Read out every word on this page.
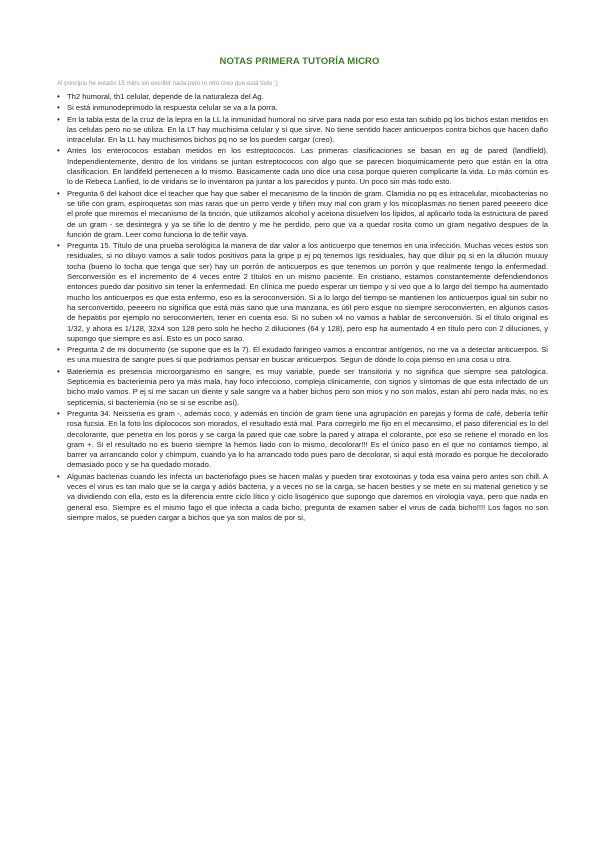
NOTAS PRIMERA TUTORÍA MICRO
Al principio he estado 15 mins sin escribir nada pero lo otro creo que está todo :)

• Th2 humoral, th1 celular, depende de la naturaleza del Ag.

• Si está inmunodeprimodo la respuesta celular se va a la porra.

• En la tabla esta de la cruz de la lepra en la LL la inmunidad humoral no sirve para nada por eso esta tan subido pq los bichos estan metidos en las celulas pero no se utiliza. En la LT hay muchisima celular y sí que sirve. No tiene sentido hacer anticuerpos contra bichos que hacen daño intracelular. En la LL hay muchisimos bichos pq no se los pueden cargar (creo).

• Antes los enterococos estaban metidos en los estreptococos. Las primeras clasificaciones se basan en ag de pared (landfield). Independientemente, dentro de los viridans se juntan estreptococos con algo que se parecen bioquimicamente pero que están en la otra clasificacion. En landifeld pertenecen a lo mismo. Basicamente cada uno dice una cosa porque quieren complicarte la vida. Lo más común es lo de Rebeca Lanfied, lo de viridans se lo inventaron pa juntar a los parecidos y punto. Un poco sin más todo esto.

• Pregunta 6 del kahoot dice el teacher que hay que saber el mecanismo de la tinción de gram. Clamidia no pq es intracelular, micobacterias no se tiñe con gram, espiroquetas son mas raras que un perro verde y tiñen muy mal con gram y los micoplasmas no tienen pared peeeero dice el profe que miremos el mecanismo de la tinción, que utilizamos alcohol y acetona disuelven los lípidos, al aplicarlo toda la estructura de pared de un gram - se desintegra y ya se tiñe lo de dentro y me he perdido, pero que va a quedar rosita como un gram negativo despues de la función de gram. Leer como funciona lo de teñir vaya.

• Pregunta 15. Título de una prueba serológica la manera de dar valor a los anticuerpo que tenemos en una infección. Muchas veces estos son residuales, si no diluyo vamos a salir todos positivos para la gripe p ej pq tenemos Igs residuales, hay que diluir pq si en la dilución muuuy tocha (bueno lo tocha que tenga que ser) hay un porrón de anticuerpos es que tenemos un porrón y que realmente tengo la enfermedad. Serconversión es el incremento de 4 veces entre 2 títulos en un mismo paciente. En cristiano, estamos constantemente defendiendonos entonces puedo dar positivo sin tener la enfermedad. En clínica me puedo esperar un tiempo y si veo que a lo largo del tiempo ha aumentado mucho los anticuerpos es que esta enfermo, eso es la seroconversión. Si a lo largo del tiempo se mantienen los anticuerpos igual sin subir no ha serconvertido, peeeero no significa que está más sano que una manzana, es útil pero esque no siempre seroconvierten, en algunos casos de hepatitis por ejemplo no seroconvierten, tener en cuenta eso. Si no suben x4 no vamos a hablar de serconversión. Si el título original es 1/32, y ahora es 1/128, 32x4 son 128 pero solo he hecho 2 diluciones (64 y 128), pero esp ha aumentado 4 en título pero con 2 diluciones, y supongo que siempre es así. Esto es un poco sarao.

• Pregunta 2 de mi documento (se supone que es la 7). El exudado faringeo vamos a encontrar antígenos, no me va a detectar anticuerpos. Si es una muestra de sangre pues si que podriamos pensar en buscar anticuerpos. Segun de dónde lo coja pienso en una cosa u otra.

• Bateriemia es presencia microorganismo en sangre, es muy variable, puede ser transitoria y no significa que siempre sea patologica. Septicemia es bacteriemia pero ya más mala, hay foco infeccioso, compleja clinicamente, con signos y síntomas de que esta infectado de un bicho malo vamos. P ej si me sacan un diente y sale sangre va a haber bichos pero son mios y no son malos, estan ahí pero nada más, no es septicemia, sí bacteriemia (no se si se escribe así).

• Pregunta 34. Neisseria es gram -, además coco, y además en tinción de gram tiene una agrupación en parejas y forma de café, debería teñir rosa fucsia. En la foto los diplococos son morados, el resultado está mal. Para corregirlo me fijo en el mecansimo, el paso diferencial es lo del decolorante, que penetra en los poros y se carga la pared que cae sobre la pared y atrapa el colorante, por eso se retiene el morado en los gram +. Si el resultado no es bueno siempre la hemos liado con lo mismo, decolorar!!! Es el único paso en el que no contamos tiempo, al barrer va arrancando color y chimpum, cuando ya lo ha arrancado todo pues paro de decolorar, si aquí está morado es porque he decolorado demasiado poco y se ha quedado morado.

• Algunas bacterias cuando les infecta un bacteriofago pues se hacen malas y pueden tirar exotoxinas y toda esa vaina pero antes son chill. A veces el virus es tan malo que se la carga y adiós bacteria, y a veces no se la carga, se hacen besties y se mete en su material genetico y se va dividiendo con ella, esto es la diferencia entre ciclo lítico y ciclo lisogénico que supongo que daremos en virología vaya, pero que nada en general eso. Siempre es el mismo fago el que infecta a cada bicho, pregunta de examen saber el virus de cada bicho!!!! Los fagos no son siempre malos, se pueden cargar a bichos que ya son malos de por si,
